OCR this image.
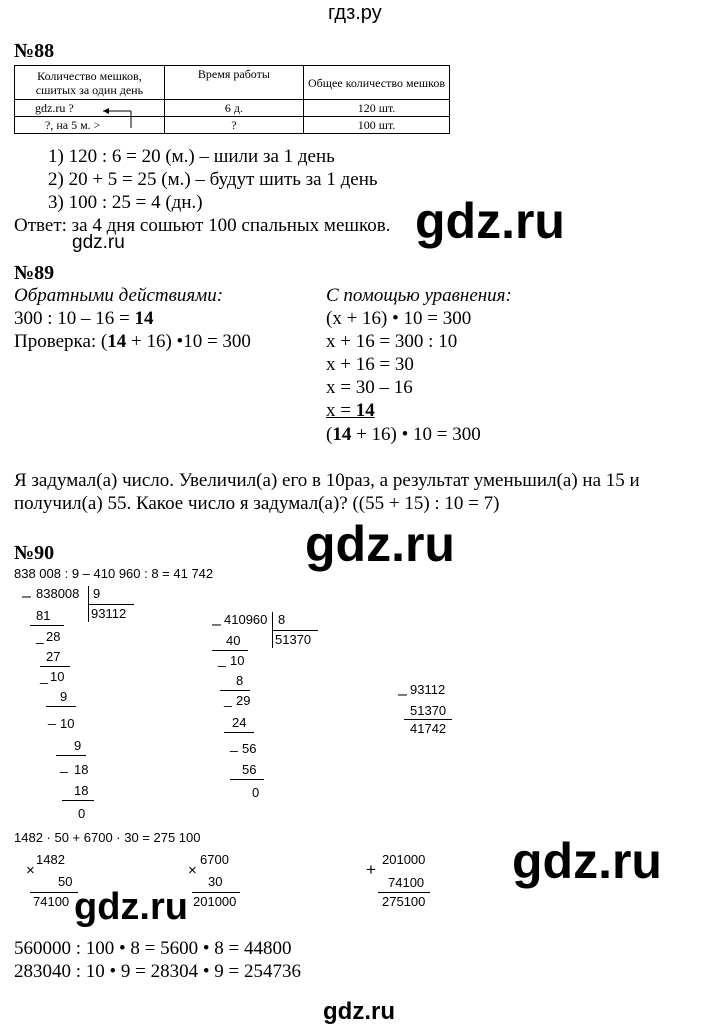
гдз.ру
№88
Количество мешков, сшитых за один день	Время работы	Общее количество мешков
gdz.ru ?	6 д.	120 шт.
?, на 5 м. >	?	100 шт.
1) 120 : 6 = 20 (м.) – шили за 1 день
2) 20 + 5 = 25 (м.) – будут шить за 1 день
3) 100 : 25 = 4 (дн.)
Ответ: за 4 дня сошьют 100 спальных мешков. gdz.ru
gdz.ru
№89
Обратными действиями:
300 : 10 – 16 = 14
Проверка: (14 + 16) •10 = 300
С помощью уравнения:
(x + 16) • 10 = 300
x + 16 = 300 : 10
x + 16 = 30
x = 30 – 16
x = 14
(14 + 16) • 10 = 300
Я задумал(а) число. Увеличил(а) его в 10раз, а результат уменьшил(а) на 15 и
получил(а) 55. Какое число я задумал(а)? ((55 + 15) : 10 = 7)
№90	gdz.ru
838 008 : 9 – 410 960 : 8 = 41 742
– 838008 9
93112
81
_ 28
27
_ 10
9
_ 10
9
_ 18
18
0
– 410960 8
51370
40
_ 10
8
_ 29
24
_ 56
56
0
– 93112
51370
41742
1482 · 50 + 6700 · 30 = 275 100
×
1482
50
74100
×
6700
30
201000
+
201000
74100
275100
gdz.ru
gdz.ru
560000 : 100 • 8 = 5600 • 8 = 44800
283040 : 10 • 9 = 28304 • 9 = 254736
gdz.ru
